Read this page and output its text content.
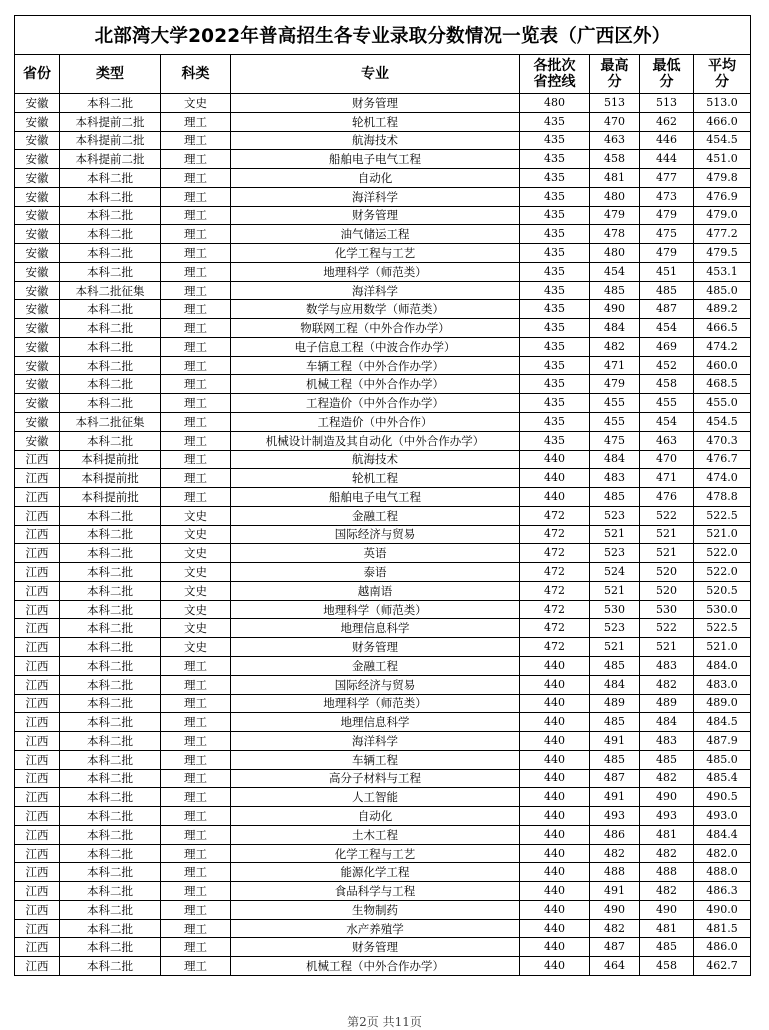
北部湾大学2022年普高招生各专业录取分数情况一览表（广西区外）							
省份	类型	科类	专业	各批次省控线	最高分	最低分	平均分
安徽	本科二批	文史	财务管理	480	513	513	513.0
安徽	本科提前二批	理工	轮机工程	435	470	462	466.0
安徽	本科提前二批	理工	航海技术	435	463	446	454.5
安徽	本科提前二批	理工	船舶电子电气工程	435	458	444	451.0
安徽	本科二批	理工	自动化	435	481	477	479.8
安徽	本科二批	理工	海洋科学	435	480	473	476.9
安徽	本科二批	理工	财务管理	435	479	479	479.0
安徽	本科二批	理工	油气储运工程	435	478	475	477.2
安徽	本科二批	理工	化学工程与工艺	435	480	479	479.5
安徽	本科二批	理工	地理科学（师范类）	435	454	451	453.1
安徽	本科二批征集	理工	海洋科学	435	485	485	485.0
安徽	本科二批	理工	数学与应用数学（师范类）	435	490	487	489.2
安徽	本科二批	理工	物联网工程（中外合作办学）	435	484	454	466.5
安徽	本科二批	理工	电子信息工程（中波合作办学）	435	482	469	474.2
安徽	本科二批	理工	车辆工程（中外合作办学）	435	471	452	460.0
安徽	本科二批	理工	机械工程（中外合作办学）	435	479	458	468.5
安徽	本科二批	理工	工程造价（中外合作办学）	435	455	455	455.0
安徽	本科二批征集	理工	工程造价（中外合作）	435	455	454	454.5
安徽	本科二批	理工	机械设计制造及其自动化（中外合作办学）	435	475	463	470.3
江西	本科提前批	理工	航海技术	440	484	470	476.7
江西	本科提前批	理工	轮机工程	440	483	471	474.0
江西	本科提前批	理工	船舶电子电气工程	440	485	476	478.8
江西	本科二批	文史	金融工程	472	523	522	522.5
江西	本科二批	文史	国际经济与贸易	472	521	521	521.0
江西	本科二批	文史	英语	472	523	521	522.0
江西	本科二批	文史	泰语	472	524	520	522.0
江西	本科二批	文史	越南语	472	521	520	520.5
江西	本科二批	文史	地理科学（师范类）	472	530	530	530.0
江西	本科二批	文史	地理信息科学	472	523	522	522.5
江西	本科二批	文史	财务管理	472	521	521	521.0
江西	本科二批	理工	金融工程	440	485	483	484.0
江西	本科二批	理工	国际经济与贸易	440	484	482	483.0
江西	本科二批	理工	地理科学（师范类）	440	489	489	489.0
江西	本科二批	理工	地理信息科学	440	485	484	484.5
江西	本科二批	理工	海洋科学	440	491	483	487.9
江西	本科二批	理工	车辆工程	440	485	485	485.0
江西	本科二批	理工	高分子材料与工程	440	487	482	485.4
江西	本科二批	理工	人工智能	440	491	490	490.5
江西	本科二批	理工	自动化	440	493	493	493.0
江西	本科二批	理工	土木工程	440	486	481	484.4
江西	本科二批	理工	化学工程与工艺	440	482	482	482.0
江西	本科二批	理工	能源化学工程	440	488	488	488.0
江西	本科二批	理工	食品科学与工程	440	491	482	486.3
江西	本科二批	理工	生物制药	440	490	490	490.0
江西	本科二批	理工	水产养殖学	440	482	481	481.5
江西	本科二批	理工	财务管理	440	487	485	486.0
江西	本科二批	理工	机械工程（中外合作办学）	440	464	458	462.7
第2页 共11页
